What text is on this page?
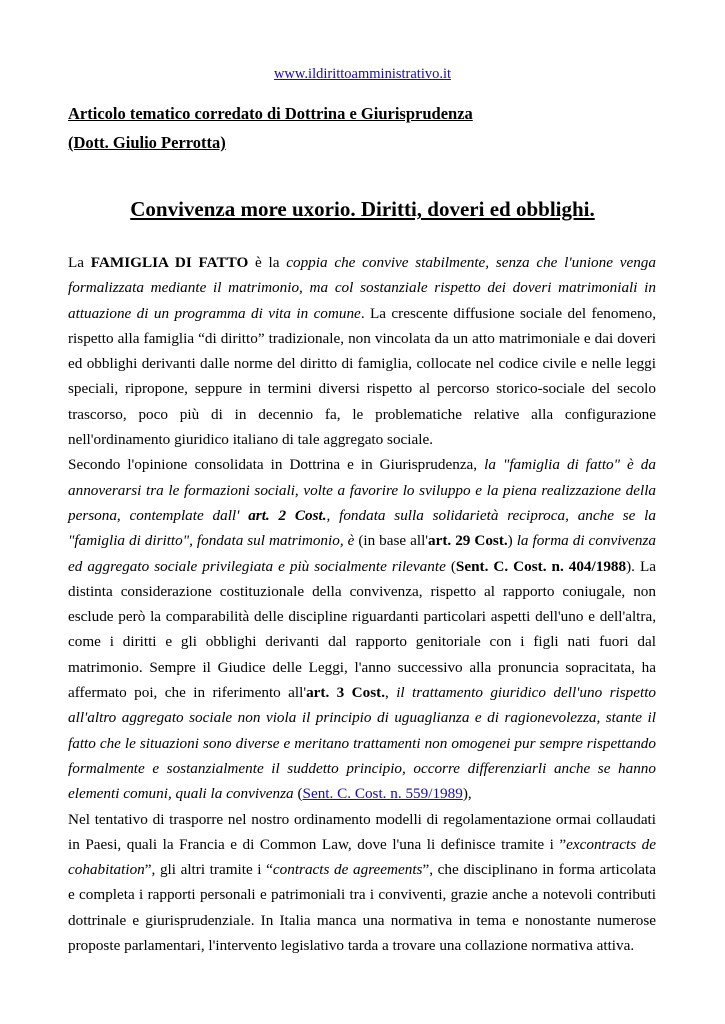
www.ildirittoamministrativo.it
Articolo tematico corredato di Dottrina e Giurisprudenza
(Dott. Giulio Perrotta)
Convivenza more uxorio. Diritti, doveri ed obblighi.

La FAMIGLIA DI FATTO è la coppia che convive stabilmente, senza che l'unione venga formalizzata mediante il matrimonio, ma col sostanziale rispetto dei doveri matrimoniali in attuazione di un programma di vita in comune. La crescente diffusione sociale del fenomeno, rispetto alla famiglia “di diritto” tradizionale, non vincolata da un atto matrimoniale e dai doveri ed obblighi derivanti dalle norme del diritto di famiglia, collocate nel codice civile e nelle leggi speciali, ripropone, seppure in termini diversi rispetto al percorso storico-sociale del secolo trascorso, poco più di in decennio fa, le problematiche relative alla configurazione nell'ordinamento giuridico italiano di tale aggregato sociale.

Secondo l'opinione consolidata in Dottrina e in Giurisprudenza, la "famiglia di fatto" è da annoverarsi tra le formazioni sociali, volte a favorire lo sviluppo e la piena realizzazione della persona, contemplate dall' art. 2 Cost., fondata sulla solidarietà reciproca, anche se la "famiglia di diritto", fondata sul matrimonio, è (in base all'art. 29 Cost.) la forma di convivenza ed aggregato sociale privilegiata e più socialmente rilevante (Sent. C. Cost. n. 404/1988). La distinta considerazione costituzionale della convivenza, rispetto al rapporto coniugale, non esclude però la comparabilità delle discipline riguardanti particolari aspetti dell'uno e dell'altra, come i diritti e gli obblighi derivanti dal rapporto genitoriale con i figli nati fuori dal matrimonio. Sempre il Giudice delle Leggi, l'anno successivo alla pronuncia sopracitata, ha affermato poi, che in riferimento all'art. 3 Cost., il trattamento giuridico dell'uno rispetto all'altro aggregato sociale non viola il principio di uguaglianza e di ragionevolezza, stante il fatto che le situazioni sono diverse e meritano trattamenti non omogenei pur sempre rispettando formalmente e sostanzialmente il suddetto principio, occorre differenziarli anche se hanno elementi comuni, quali la convivenza (Sent. C. Cost. n. 559/1989),

Nel tentativo di trasporre nel nostro ordinamento modelli di regolamentazione ormai collaudati in Paesi, quali la Francia e di Common Law, dove l'una li definisce tramite i ”excontracts de cohabitation”, gli altri tramite i “contracts de agreements”, che disciplinano in forma articolata e completa i rapporti personali e patrimoniali tra i conviventi, grazie anche a notevoli contributi dottrinale e giurisprudenziale. In Italia manca una normativa in tema e nonostante numerose proposte parlamentari, l'intervento legislativo tarda a trovare una collazione normativa attiva.
